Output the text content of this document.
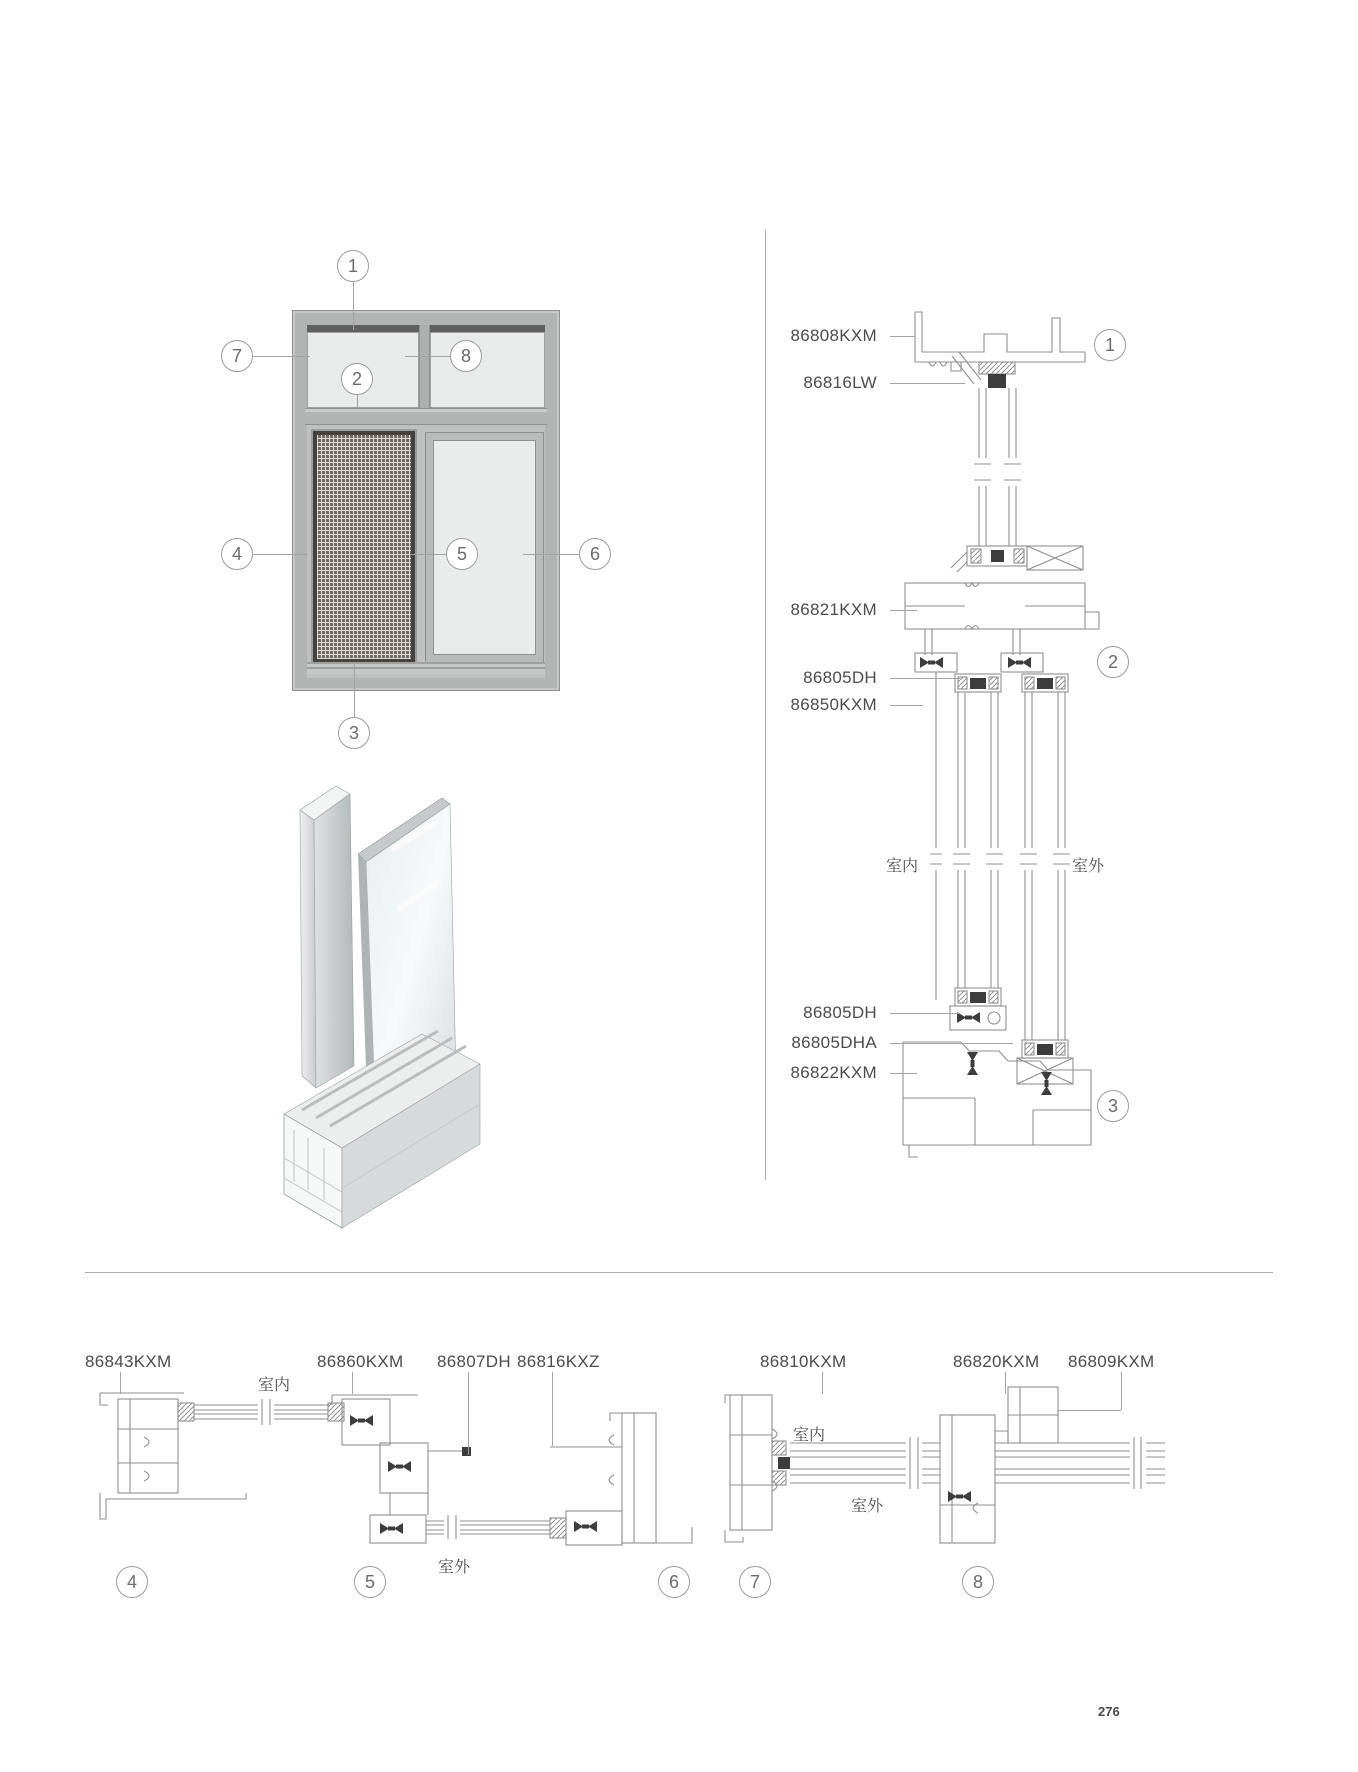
1
7	8
2
4	5	6
3
86808KXM
86816LW
86821KXM
86805DH
86850KXM
86805DH
86805DHA
86822KXM
室内	室外
1
2
3
86843KXM	86860KXM 86807DH 86816KXZ
室内
室外
4	5	6
86810KXM	86820KXM 86809KXM
室内
室外
7	8
276
